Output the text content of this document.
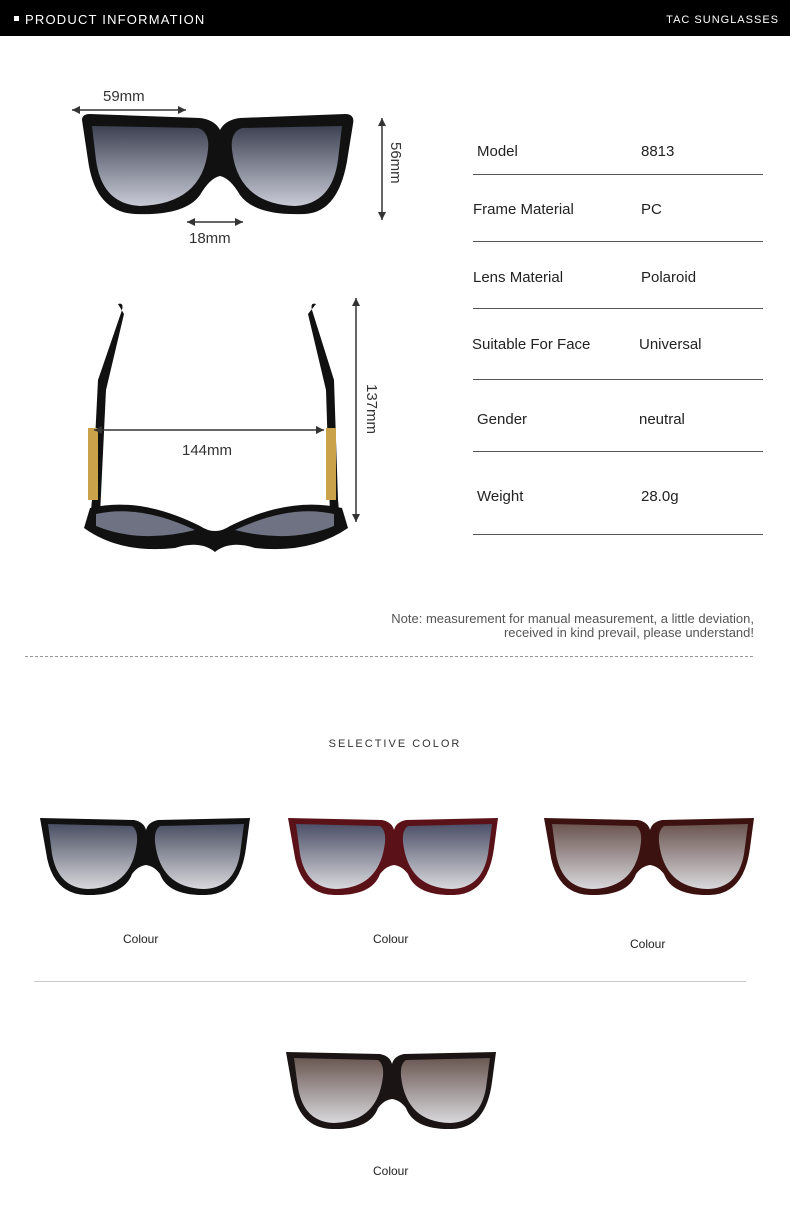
PRODUCT INFORMATION	TAC SUNGLASSES
59mm
18mm
56mm
144mm
137mm
Model	8813
Frame Material	PC
Lens Material	Polaroid
Suitable For Face	Universal
Gender	neutral
Weight	28.0g
Note: measurement for manual measurement, a little deviation,
received in kind prevail, please understand!
SELECTIVE COLOR
Colour	Colour	Colour
Colour
